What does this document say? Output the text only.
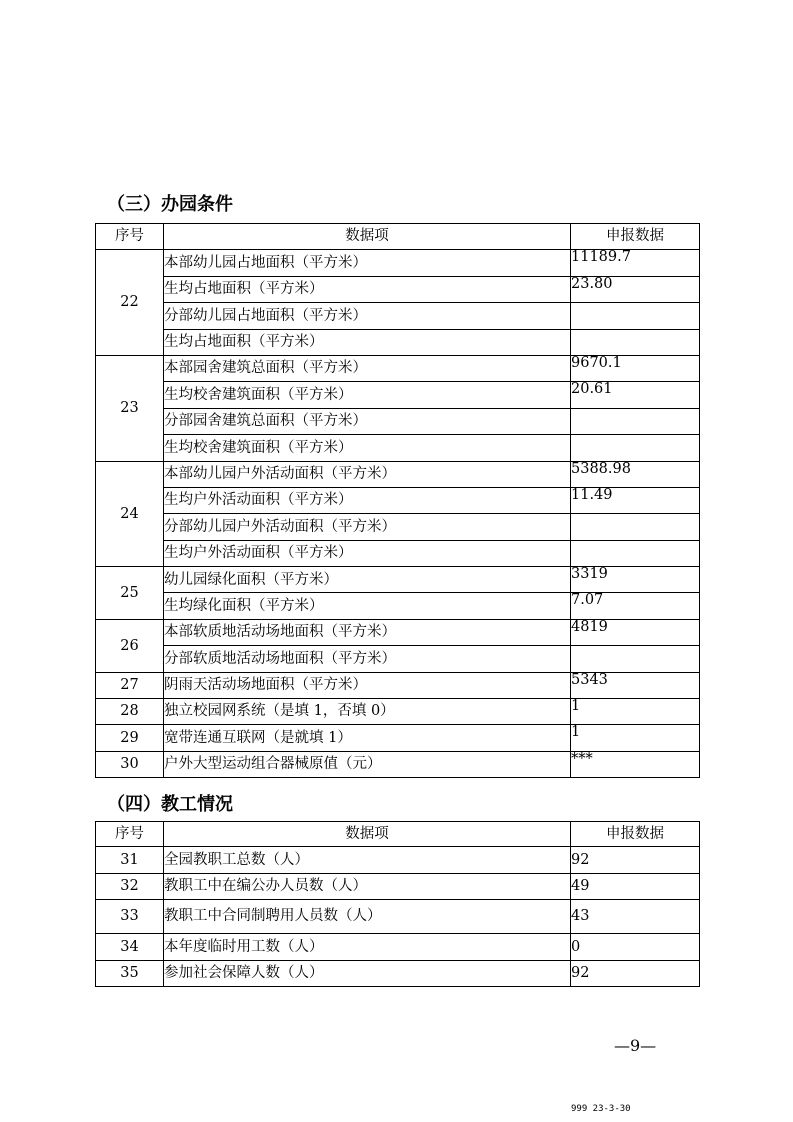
（三）办园条件
序号	数据项	申报数据
22	本部幼儿园占地面积（平方米）	11189.7
	生均占地面积（平方米）	23.80
	分部幼儿园占地面积（平方米）	
	生均占地面积（平方米）	
23	本部园舍建筑总面积（平方米）	9670.1
	生均校舍建筑面积（平方米）	20.61
	分部园舍建筑总面积（平方米）	
	生均校舍建筑面积（平方米）	
24	本部幼儿园户外活动面积（平方米）	5388.98
	生均户外活动面积（平方米）	11.49
	分部幼儿园户外活动面积（平方米）	
	生均户外活动面积（平方米）	
25	幼儿园绿化面积（平方米）	3319
	生均绿化面积（平方米）	7.07
26	本部软质地活动场地面积（平方米）	4819
	分部软质地活动场地面积（平方米）	
27	阴雨天活动场地面积（平方米）	5343
28	独立校园网系统（是填 1，否填 0）	1
29	宽带连通互联网（是就填 1）	1
30	户外大型运动组合器械原值（元）	***
（四）教工情况
序号	数据项	申报数据
31	全园教职工总数（人）	92
32	教职工中在编公办人员数（人）	49
33	教职工中合同制聘用人员数（人）	43
34	本年度临时用工数（人）	0
35	参加社会保障人数（人）	92
—9—
999 23-3-30
